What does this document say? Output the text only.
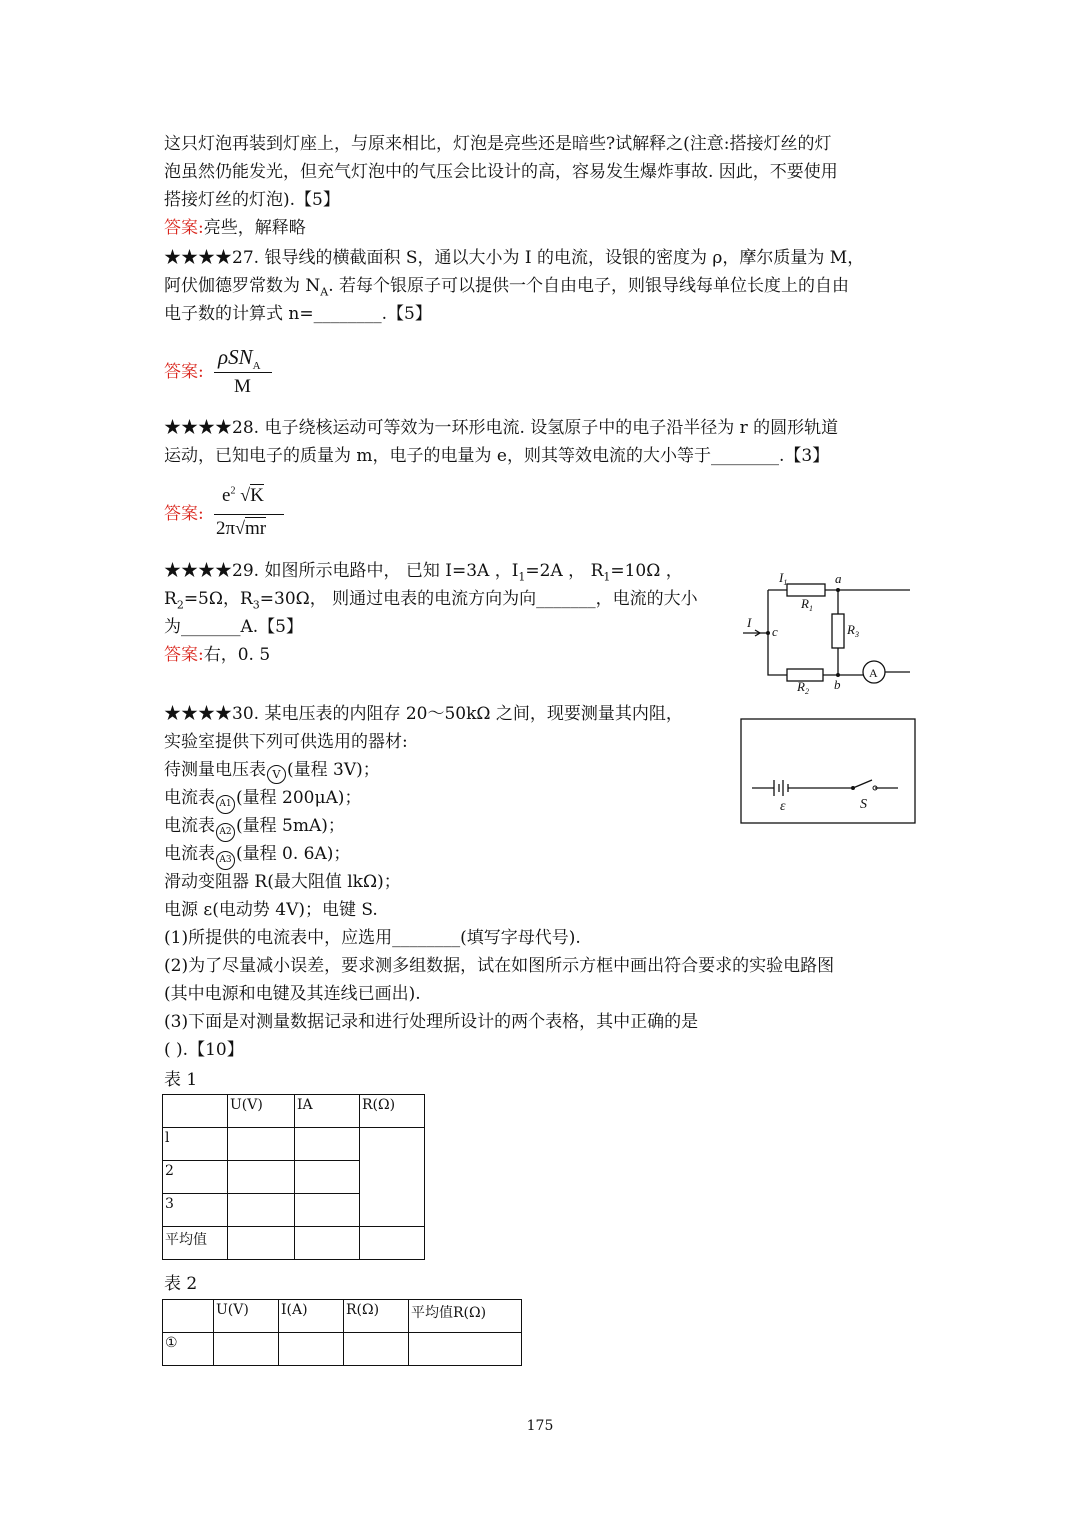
这只灯泡再装到灯座上，与原来相比，灯泡是亮些还是暗些?试解释之(注意:搭接灯丝的灯
泡虽然仍能发光，但充气灯泡中的气压会比设计的高，容易发生爆炸事故. 因此，不要使用
搭接灯丝的灯泡).【5】
答案:亮些，解释略
★★★★27. 银导线的横截面积 S，通以大小为 I 的电流，设银的密度为 ρ，摩尔质量为 M，
阿伏伽德罗常数为 $N_A$. 若每个银原子可以提供一个自由电子，则银导线每单位长度上的自由
电子数的计算式 n=________.【5】
答案:
ρSN$_A$
M
★★★★28. 电子绕核运动可等效为一环形电流. 设氢原子中的电子沿半径为 r 的圆形轨道
运动，已知电子的质量为 m，电子的电量为 e，则其等效电流的大小等于________.【3】
答案:
$e^2$ √K
2π√mr
★★★★29. 如图所示电路中， 已知 I=3A ，$I_1=2A$ ， $R_1=10\Omega$ ，
$R_2=5\Omega$，$R_3=30\Omega$， 则通过电表的电流方向为向_______，电流的大小
为_______A.【5】
答案:右，0. 5
$I_1$	a
$R_1$
$R_3$
I
c
$R_2$ b
A
★★★★30. 某电压表的内阻存 20～50kΩ 之间，现要测量其内阻，
实验室提供下列可供选用的器材:
待测量电压表 V (量程 3V)；
电流表 A1 (量程 200μA)；
电流表 A2 (量程 5mA)；
电流表 A3 (量程 0. 6A)；
滑动变阻器 R(最大阻值 lkΩ)；
电源 ε(电动势 4V)；电键 S.
(1)所提供的电流表中，应选用________(填写字母代号).
(2)为了尽量减小误差，要求测多组数据，试在如图所示方框中画出符合要求的实验电路图
(其中电源和电键及其连线已画出).
(3)下面是对测量数据记录和进行处理所设计的两个表格，其中正确的是
( ).【10】
ε	S
表 1
	U(V)	IA	R(Ω)
l			
2			
3			
平均值			
表 2
	U(V)	I(A)	R(Ω)	平均值R(Ω)
①				
175
